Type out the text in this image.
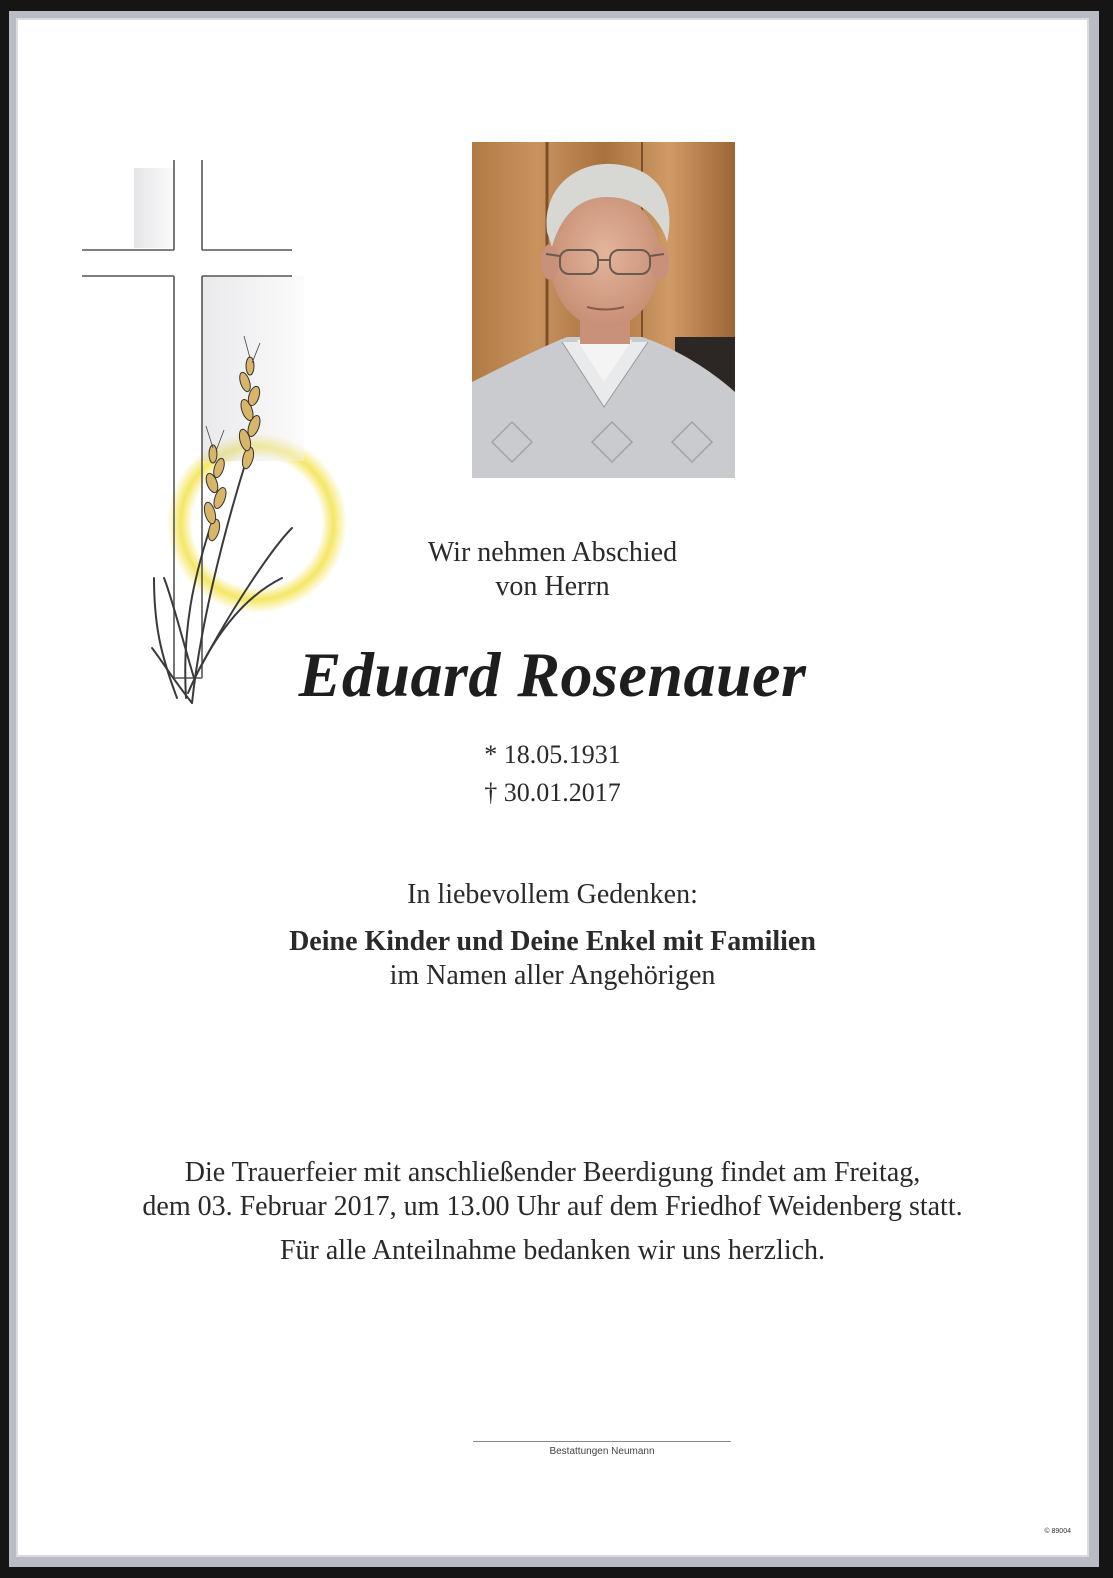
Wir nehmen Abschied
von Herrn
Eduard Rosenauer
* 18.05.1931
† 30.01.2017
In liebevollem Gedenken:
Deine Kinder und Deine Enkel mit Familien
im Namen aller Angehörigen
Die Trauerfeier mit anschließender Beerdigung findet am Freitag,
dem 03. Februar 2017, um 13.00 Uhr auf dem Friedhof Weidenberg statt.
Für alle Anteilnahme bedanken wir uns herzlich.
Bestattungen Neumann
© 89004
